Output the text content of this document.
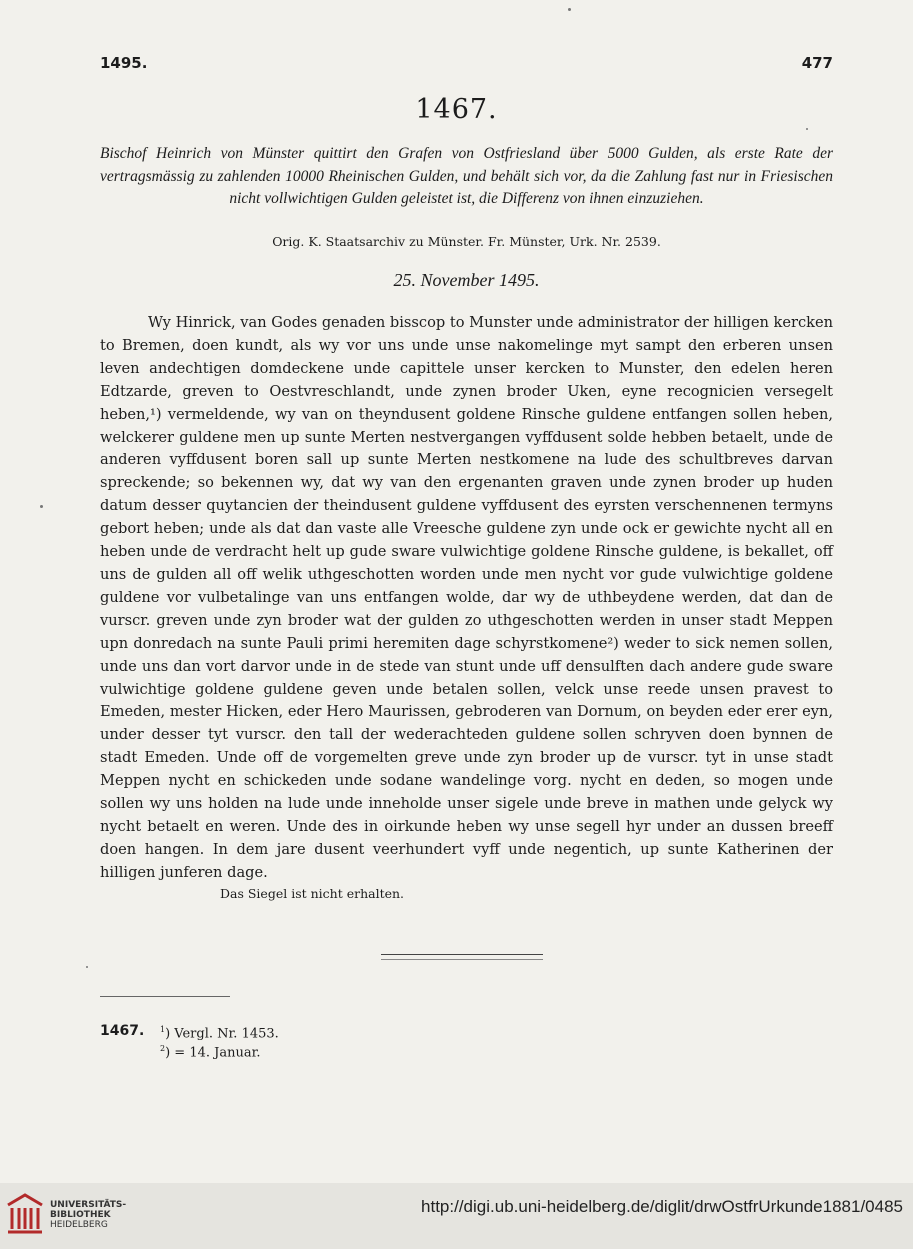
1495.	477
1467.
Bischof Heinrich von Münster quittirt den Grafen von Ostfriesland über 5000 Gulden, als erste Rate der vertragsmässig zu zahlenden 10000 Rheinischen Gulden, und behält sich vor, da die Zahlung fast nur in Friesischen nicht vollwichtigen Gulden geleistet ist, die Differenz von ihnen einzuziehen.
Orig. K. Staatsarchiv zu Münster. Fr. Münster, Urk. Nr. 2539.
25. November 1495.
Wy Hinrick, van Godes genaden bisscop to Munster unde administrator der hilligen kercken to Bremen, doen kundt, als wy vor uns unde unse nakomelinge myt sampt den erberen unsen leven andechtigen domdeckene unde capittele unser kercken to Munster, den edelen heren Edtzarde, greven to Oestvreschlandt, unde zynen broder Uken, eyne recognicien versegelt heben,¹) vermeldende, wy van on theyndusent goldene Rinsche guldene entfangen sollen heben, welckerer guldene men up sunte Merten nestvergangen vyffdusent solde hebben betaelt, unde de anderen vyffdusent boren sall up sunte Merten nestkomene na lude des schultbreves darvan spreckende; so bekennen wy, dat wy van den ergenanten graven unde zynen broder up huden datum desser quytancien der theindusent guldene vyffdusent des eyrsten verschennenen termyns gebort heben; unde als dat dan vaste alle Vreesche guldene zyn unde ock er gewichte nycht all en heben unde de verdracht helt up gude sware vulwichtige goldene Rinsche guldene, is bekallet, off uns de gulden all off welik uthgeschotten worden unde men nycht vor gude vulwichtige goldene guldene vor vulbetalinge van uns entfangen wolde, dar wy de uthbeydene werden, dat dan de vurscr. greven unde zyn broder wat der gulden zo uthgeschotten werden in unser stadt Meppen upn donredach na sunte Pauli primi heremiten dage schyrstkomene²) weder to sick nemen sollen, unde uns dan vort darvor unde in de stede van stunt unde uff densulften dach andere gude sware vulwichtige goldene guldene geven unde betalen sollen, velck unse reede unsen pravest to Emeden, mester Hicken, eder Hero Maurissen, gebroderen van Dornum, on beyden eder erer eyn, under desser tyt vurscr. den tall der wederachteden guldene sollen schryven doen bynnen de stadt Emeden. Unde off de vorgemelten greve unde zyn broder up de vurscr. tyt in unse stadt Meppen nycht en schickeden unde sodane wandelinge vorg. nycht en deden, so mogen unde sollen wy uns holden na lude unde inneholde unser sigele unde breve in mathen unde gelyck wy nycht betaelt en weren. Unde des in oirkunde heben wy unse segell hyr under an dussen breeff doen hangen. In dem jare dusent veerhundert vyff unde negentich, up sunte Katherinen der hilligen junferen dage.
Das Siegel ist nicht erhalten.
1467. $^1$) Vergl. Nr. 1453.
$^2$) = 14. Januar.
UNIVERSITÄTS-
BIBLIOTHEK
HEIDELBERG
http://digi.ub.uni-heidelberg.de/diglit/drwOstfrUrkunde1881/0485
